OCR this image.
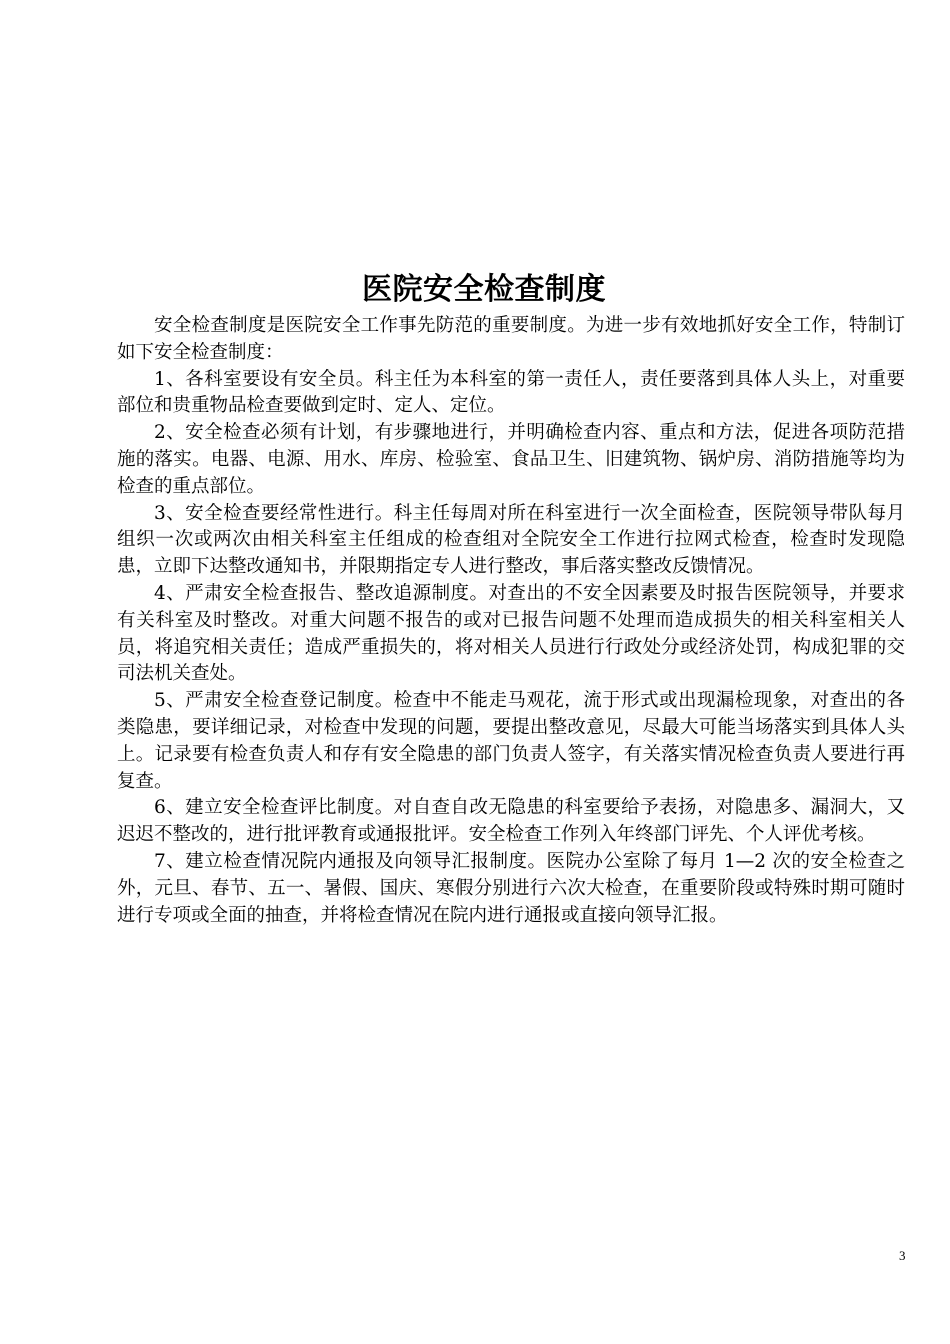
医院安全检查制度

安全检查制度是医院安全工作事先防范的重要制度。为进一步有效地抓好安全工作，特制订如下安全检查制度：

1、各科室要设有安全员。科主任为本科室的第一责任人，责任要落到具体人头上，对重要部位和贵重物品检查要做到定时、定人、定位。

2、安全检查必须有计划，有步骤地进行，并明确检查内容、重点和方法，促进各项防范措施的落实。电器、电源、用水、库房、检验室、食品卫生、旧建筑物、锅炉房、消防措施等均为检查的重点部位。

3、安全检查要经常性进行。科主任每周对所在科室进行一次全面检查，医院领导带队每月组织一次或两次由相关科室主任组成的检查组对全院安全工作进行拉网式检查，检查时发现隐患，立即下达整改通知书，并限期指定专人进行整改，事后落实整改反馈情况。

4、严肃安全检查报告、整改追源制度。对查出的不安全因素要及时报告医院领导，并要求有关科室及时整改。对重大问题不报告的或对已报告问题不处理而造成损失的相关科室相关人员，将追究相关责任；造成严重损失的，将对相关人员进行行政处分或经济处罚，构成犯罪的交司法机关查处。

5、严肃安全检查登记制度。检查中不能走马观花，流于形式或出现漏检现象，对查出的各类隐患，要详细记录，对检查中发现的问题，要提出整改意见，尽最大可能当场落实到具体人头上。记录要有检查负责人和存有安全隐患的部门负责人签字，有关落实情况检查负责人要进行再复查。

6、建立安全检查评比制度。对自查自改无隐患的科室要给予表扬，对隐患多、漏洞大，又迟迟不整改的，进行批评教育或通报批评。安全检查工作列入年终部门评先、个人评优考核。

7、建立检查情况院内通报及向领导汇报制度。医院办公室除了每月 1—2 次的安全检查之外，元旦、春节、五一、暑假、国庆、寒假分别进行六次大检查，在重要阶段或特殊时期可随时进行专项或全面的抽查，并将检查情况在院内进行通报或直接向领导汇报。

3
